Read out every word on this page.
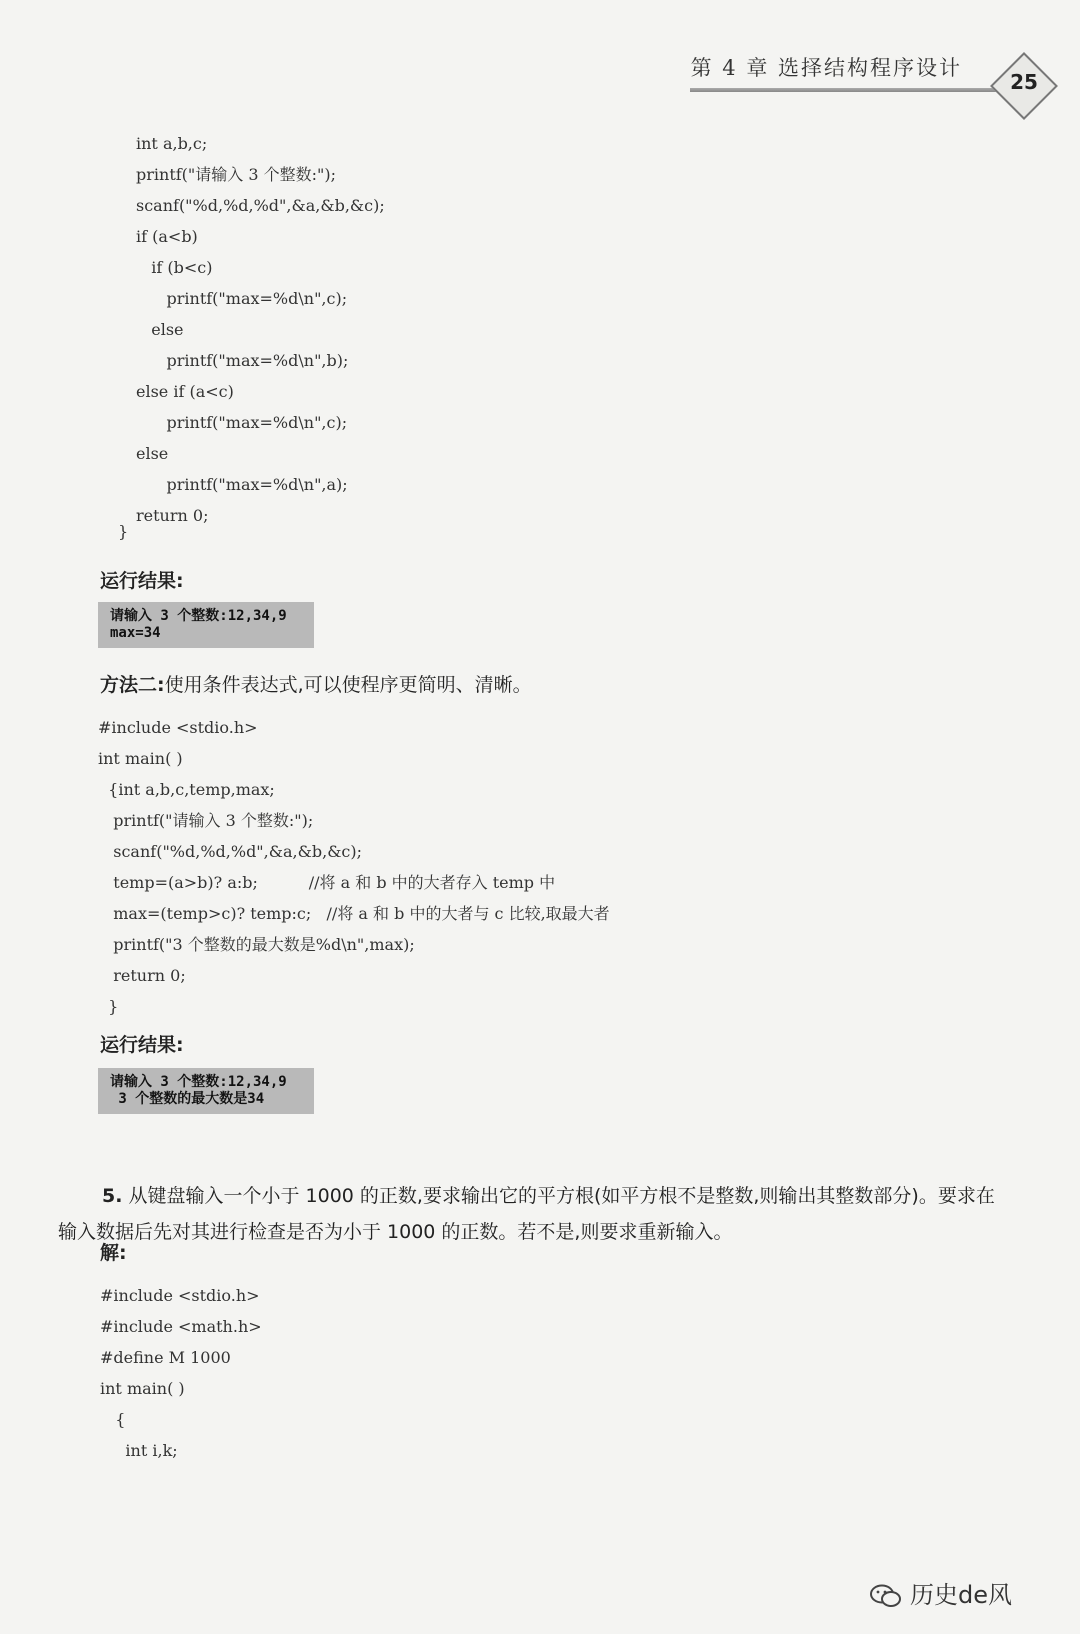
第 4 章 选择结构程序设计
25
int a,b,c;
printf("请输入 3 个整数:");
scanf("%d,%d,%d",&a,&b,&c);
if (a<b)
if (b<c)
printf("max=%d\n",c);
else
printf("max=%d\n",b);
else if (a<c)
printf("max=%d\n",c);
else
printf("max=%d\n",a);
return 0;
}
运行结果:
请输入 3 个整数:12,34,9
max=34
方法二:使用条件表达式,可以使程序更简明、清晰。
#include <stdio.h>
int main( )
{int a,b,c,temp,max;
printf("请输入 3 个整数:");
scanf("%d,%d,%d",&a,&b,&c);
temp=(a>b)? a:b;          //将 a 和 b 中的大者存入 temp 中
max=(temp>c)? temp:c;   //将 a 和 b 中的大者与 c 比较,取最大者
printf("3 个整数的最大数是%d\n",max);
return 0;
}
运行结果:
请输入 3 个整数:12,34,9
3 个整数的最大数是34
5. 从键盘输入一个小于 1000 的正数,要求输出它的平方根(如平方根不是整数,则输出其整数部分)。要求在输入数据后先对其进行检查是否为小于 1000 的正数。若不是,则要求重新输入。
解:
#include <stdio.h>
#include <math.h>
#define M 1000
int main( )
{
int i,k;
历史de风
